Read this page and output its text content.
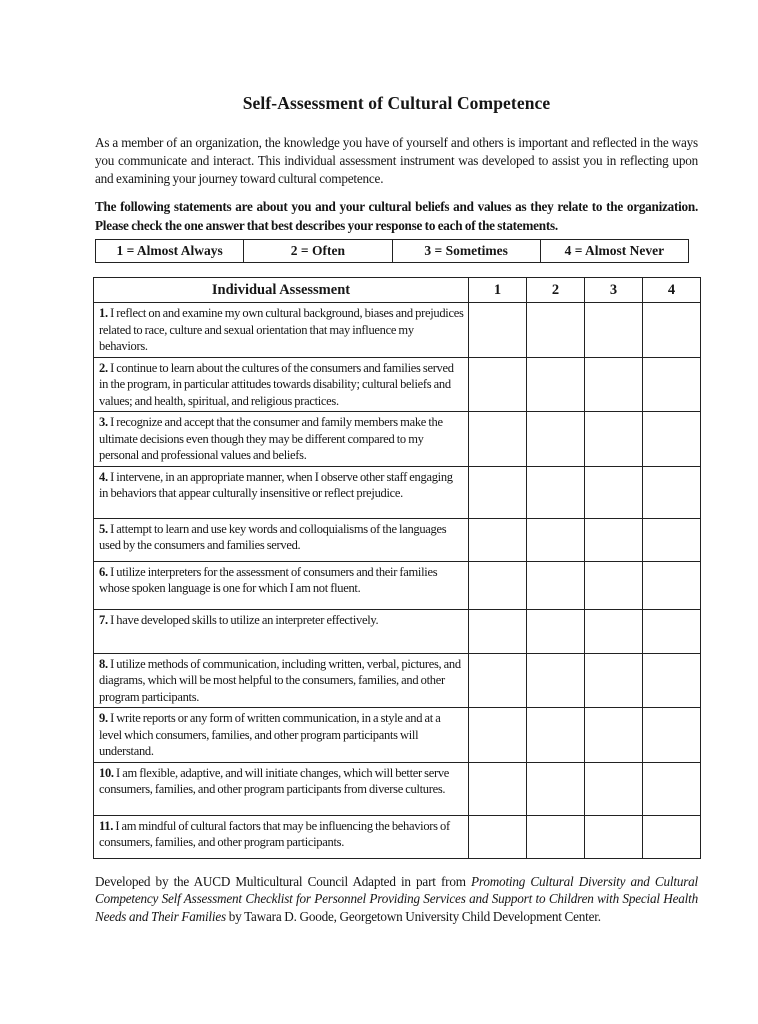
Self-Assessment of Cultural Competence

As a member of an organization, the knowledge you have of yourself and others is important and reflected in the ways you communicate and interact. This individual assessment instrument was developed to assist you in reflecting upon and examining your journey toward cultural competence.

The following statements are about you and your cultural beliefs and values as they relate to the organization. Please check the one answer that best describes your response to each of the statements.

1 = Almost Always	2 = Often	3 = Sometimes	4 = Almost Never
Individual Assessment	1	2	3	4
1. I reflect on and examine my own cultural background, biases and prejudices related to race, culture and sexual orientation that may influence my behaviors.				
2. I continue to learn about the cultures of the consumers and families served in the program, in particular attitudes towards disability; cultural beliefs and values; and health, spiritual, and religious practices.				
3. I recognize and accept that the consumer and family members make the ultimate decisions even though they may be different compared to my personal and professional values and beliefs.				
4. I intervene, in an appropriate manner, when I observe other staff engaging in behaviors that appear culturally insensitive or reflect prejudice.				
5. I attempt to learn and use key words and colloquialisms of the languages used by the consumers and families served.				
6. I utilize interpreters for the assessment of consumers and their families whose spoken language is one for which I am not fluent.				
7. I have developed skills to utilize an interpreter effectively.				
8. I utilize methods of communication, including written, verbal, pictures, and diagrams, which will be most helpful to the consumers, families, and other program participants.				
9. I write reports or any form of written communication, in a style and at a level which consumers, families, and other program participants will understand.				
10. I am flexible, adaptive, and will initiate changes, which will better serve consumers, families, and other program participants from diverse cultures.				
11. I am mindful of cultural factors that may be influencing the behaviors of consumers, families, and other program participants.				

Developed by the AUCD Multicultural Council Adapted in part from Promoting Cultural Diversity and Cultural Competency Self Assessment Checklist for Personnel Providing Services and Support to Children with Special Health Needs and Their Families by Tawara D. Goode, Georgetown University Child Development Center.
